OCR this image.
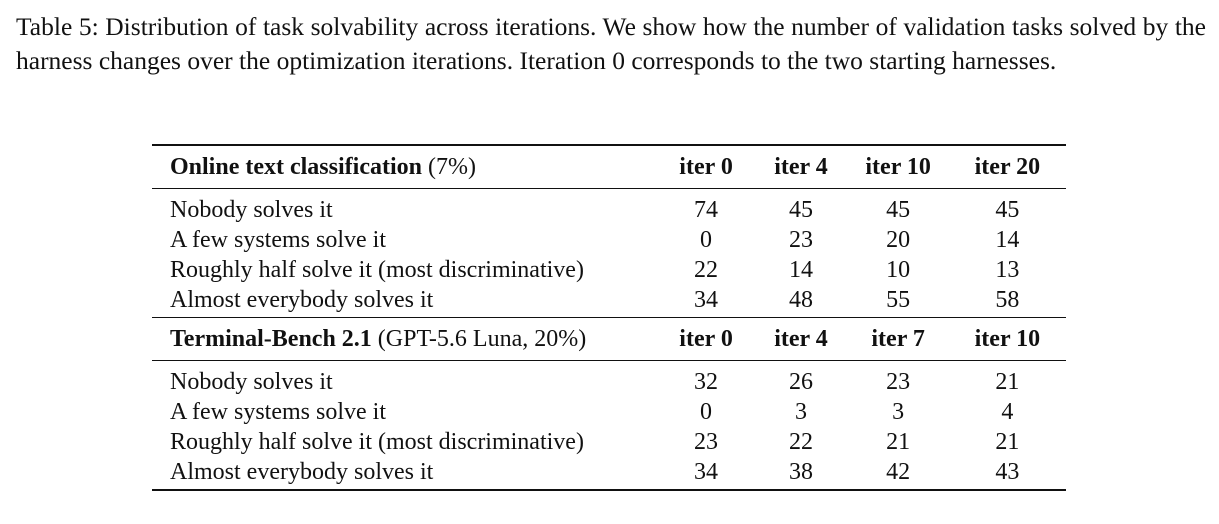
Table 5: Distribution of task solvability across iterations. We show how the number of validation tasks solved by the harness changes over the optimization iterations. Iteration 0 corresponds to the two starting harnesses.

Online text classification (7%)	iter 0	iter 4	iter 10	iter 20

Nobody solves it	74	45	45	45
A few systems solve it	0	23	20	14
Roughly half solve it (most discriminative)	22	14	10	13
Almost everybody solves it	34	48	55	58

Terminal-Bench 2.1 (GPT-5.6 Luna, 20%)	iter 0	iter 4	iter 7	iter 10

Nobody solves it	32	26	23	21
A few systems solve it	0	3	3	4
Roughly half solve it (most discriminative)	23	22	21	21
Almost everybody solves it	34	38	42	43
